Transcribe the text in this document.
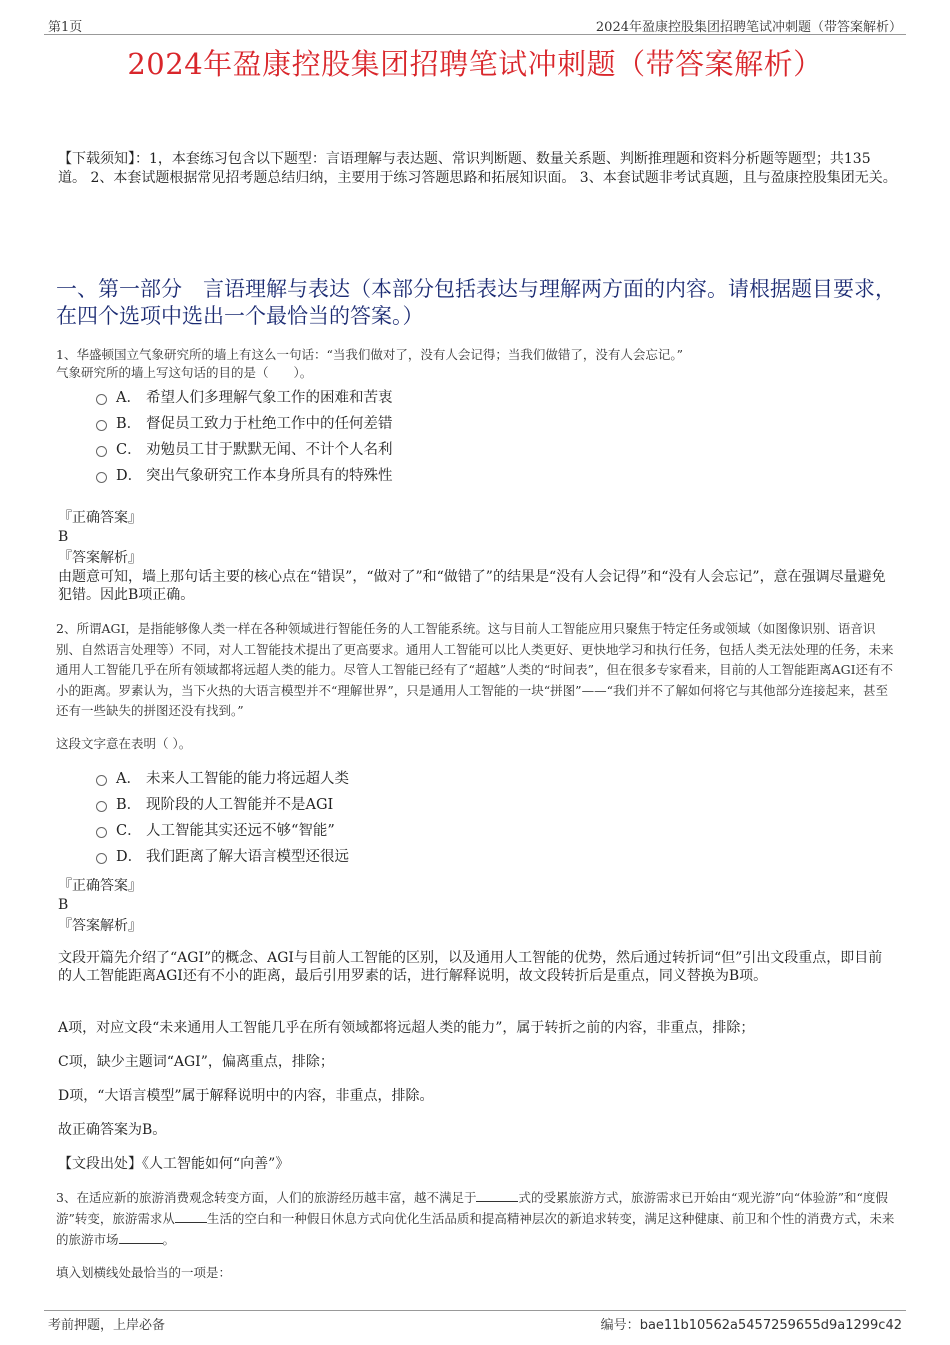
第1页	2024年盈康控股集团招聘笔试冲刺题（带答案解析）
2024年盈康控股集团招聘笔试冲刺题（带答案解析）
【下载须知】：1，本套练习包含以下题型：言语理解与表达题、常识判断题、数量关系题、判断推理题和资料分析题等题型；共135道。 2、本套试题根据常见招考题总结归纳，主要用于练习答题思路和拓展知识面。 3、本套试题非考试真题，且与盈康控股集团无关。
一、第一部分　言语理解与表达（本部分包括表达与理解两方面的内容。请根据题目要求，在四个选项中选出一个最恰当的答案。）
1、华盛顿国立气象研究所的墙上有这么一句话：“当我们做对了，没有人会记得；当我们做错了，没有人会忘记。”
气象研究所的墙上写这句话的目的是（　　）。
A． 希望人们多理解气象工作的困难和苦衷
B． 督促员工致力于杜绝工作中的任何差错
C． 劝勉员工甘于默默无闻、不计个人名利
D． 突出气象研究工作本身所具有的特殊性
『正确答案』
B
『答案解析』
由题意可知，墙上那句话主要的核心点在“错误”，“做对了”和“做错了”的结果是“没有人会记得”和“没有人会忘记”，意在强调尽量避免犯错。因此B项正确。
2、所谓AGI，是指能够像人类一样在各种领域进行智能任务的人工智能系统。这与目前人工智能应用只聚焦于特定任务或领域（如图像识别、语音识别、自然语言处理等）不同，对人工智能技术提出了更高要求。通用人工智能可以比人类更好、更快地学习和执行任务，包括人类无法处理的任务，未来通用人工智能几乎在所有领域都将远超人类的能力。尽管人工智能已经有了“超越”人类的“时间表”，但在很多专家看来，目前的人工智能距离AGI还有不小的距离。罗素认为，当下火热的大语言模型并不“理解世界”，只是通用人工智能的一块“拼图”——“我们并不了解如何将它与其他部分连接起来，甚至还有一些缺失的拼图还没有找到。”
这段文字意在表明（ ）。
A． 未来人工智能的能力将远超人类
B． 现阶段的人工智能并不是AGI
C． 人工智能其实还远不够“智能”
D． 我们距离了解大语言模型还很远
『正确答案』
B
『答案解析』
文段开篇先介绍了“AGI”的概念、AGI与目前人工智能的区别，以及通用人工智能的优势，然后通过转折词“但”引出文段重点，即目前的人工智能距离AGI还有不小的距离，最后引用罗素的话，进行解释说明，故文段转折后是重点，同义替换为B项。
A项，对应文段“未来通用人工智能几乎在所有领域都将远超人类的能力”，属于转折之前的内容，非重点，排除；
C项，缺少主题词“AGI”，偏离重点，排除；
D项，“大语言模型”属于解释说明中的内容，非重点，排除。
故正确答案为B。
【文段出处】《人工智能如何“向善”》
3、在适应新的旅游消费观念转变方面，人们的旅游经历越丰富，越不满足于	式的受累旅游方式，旅游需求已开始由“观光游”向“体验游”和“度假游”转变，旅游需求从	生活的空白和一种假日休息方式向优化生活品质和提高精神层次的新追求转变，满足这种健康、前卫和个性的消费方式，未来的旅游市场	。
填入划横线处最恰当的一项是：
考前押题，上岸必备	编号：bae11b10562a5457259655d9a1299c42
